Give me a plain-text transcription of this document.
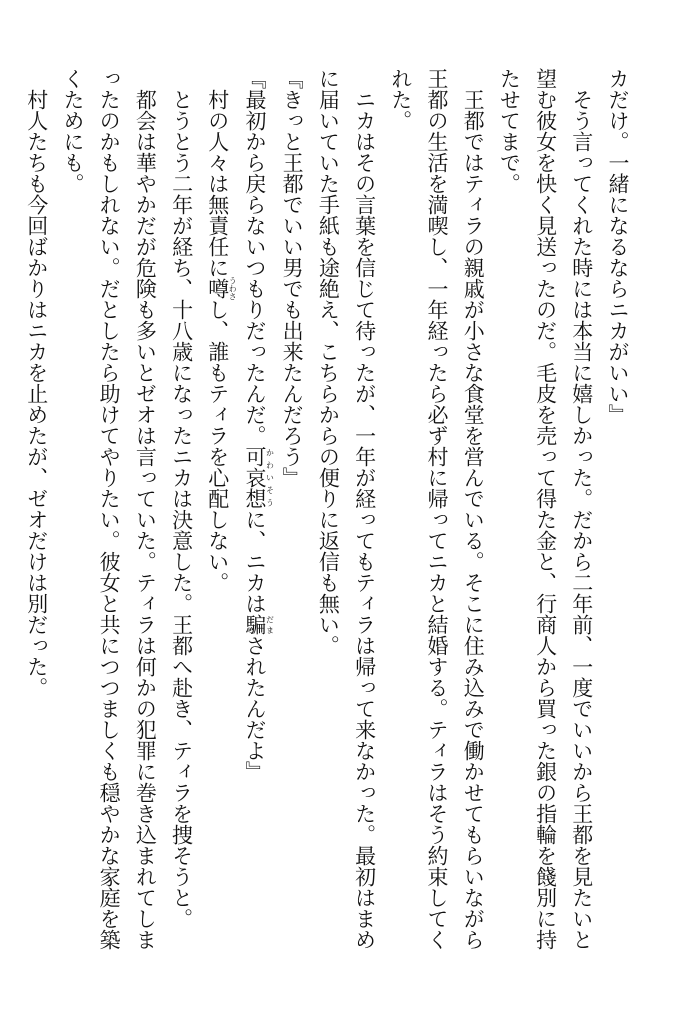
カだけ。一緒になるならニカがいい』
　そう言ってくれた時には本当に嬉しかった。だから二年前、一度でいいから王都を見たいと
望む彼女を快く見送ったのだ。毛皮を売って得た金と、行商人から買った銀の指輪を餞別に持
たせてまで。
　王都ではティラの親戚が小さな食堂を営んでいる。そこに住み込みで働かせてもらいながら
王都の生活を満喫し、一年経ったら必ず村に帰ってニカと結婚する。ティラはそう約束してく
れた。
　ニカはその言葉を信じて待ったが、一年が経ってもティラは帰って来なかった。最初はまめ
に届いていた手紙も途絶え、こちらからの便りに返信も無い。
『きっと王都でいい男でも出来たんだろう』
『最初から戻らないつもりだったんだ。可哀想かわいそうに、ニカは騙だまされたんだよ』
　村の人々は無責任に噂うわさし、誰もティラを心配しない。
　とうとう二年が経ち、十八歳になったニカは決意した。王都へ赴き、ティラを捜そうと。
　都会は華やかだが危険も多いとゼオは言っていた。ティラは何かの犯罪に巻き込まれてしま
ったのかもしれない。だとしたら助けてやりたい。彼女と共につつましくも穏やかな家庭を築
くためにも。
　村人たちも今回ばかりはニカを止めたが、ゼオだけは別だった。
